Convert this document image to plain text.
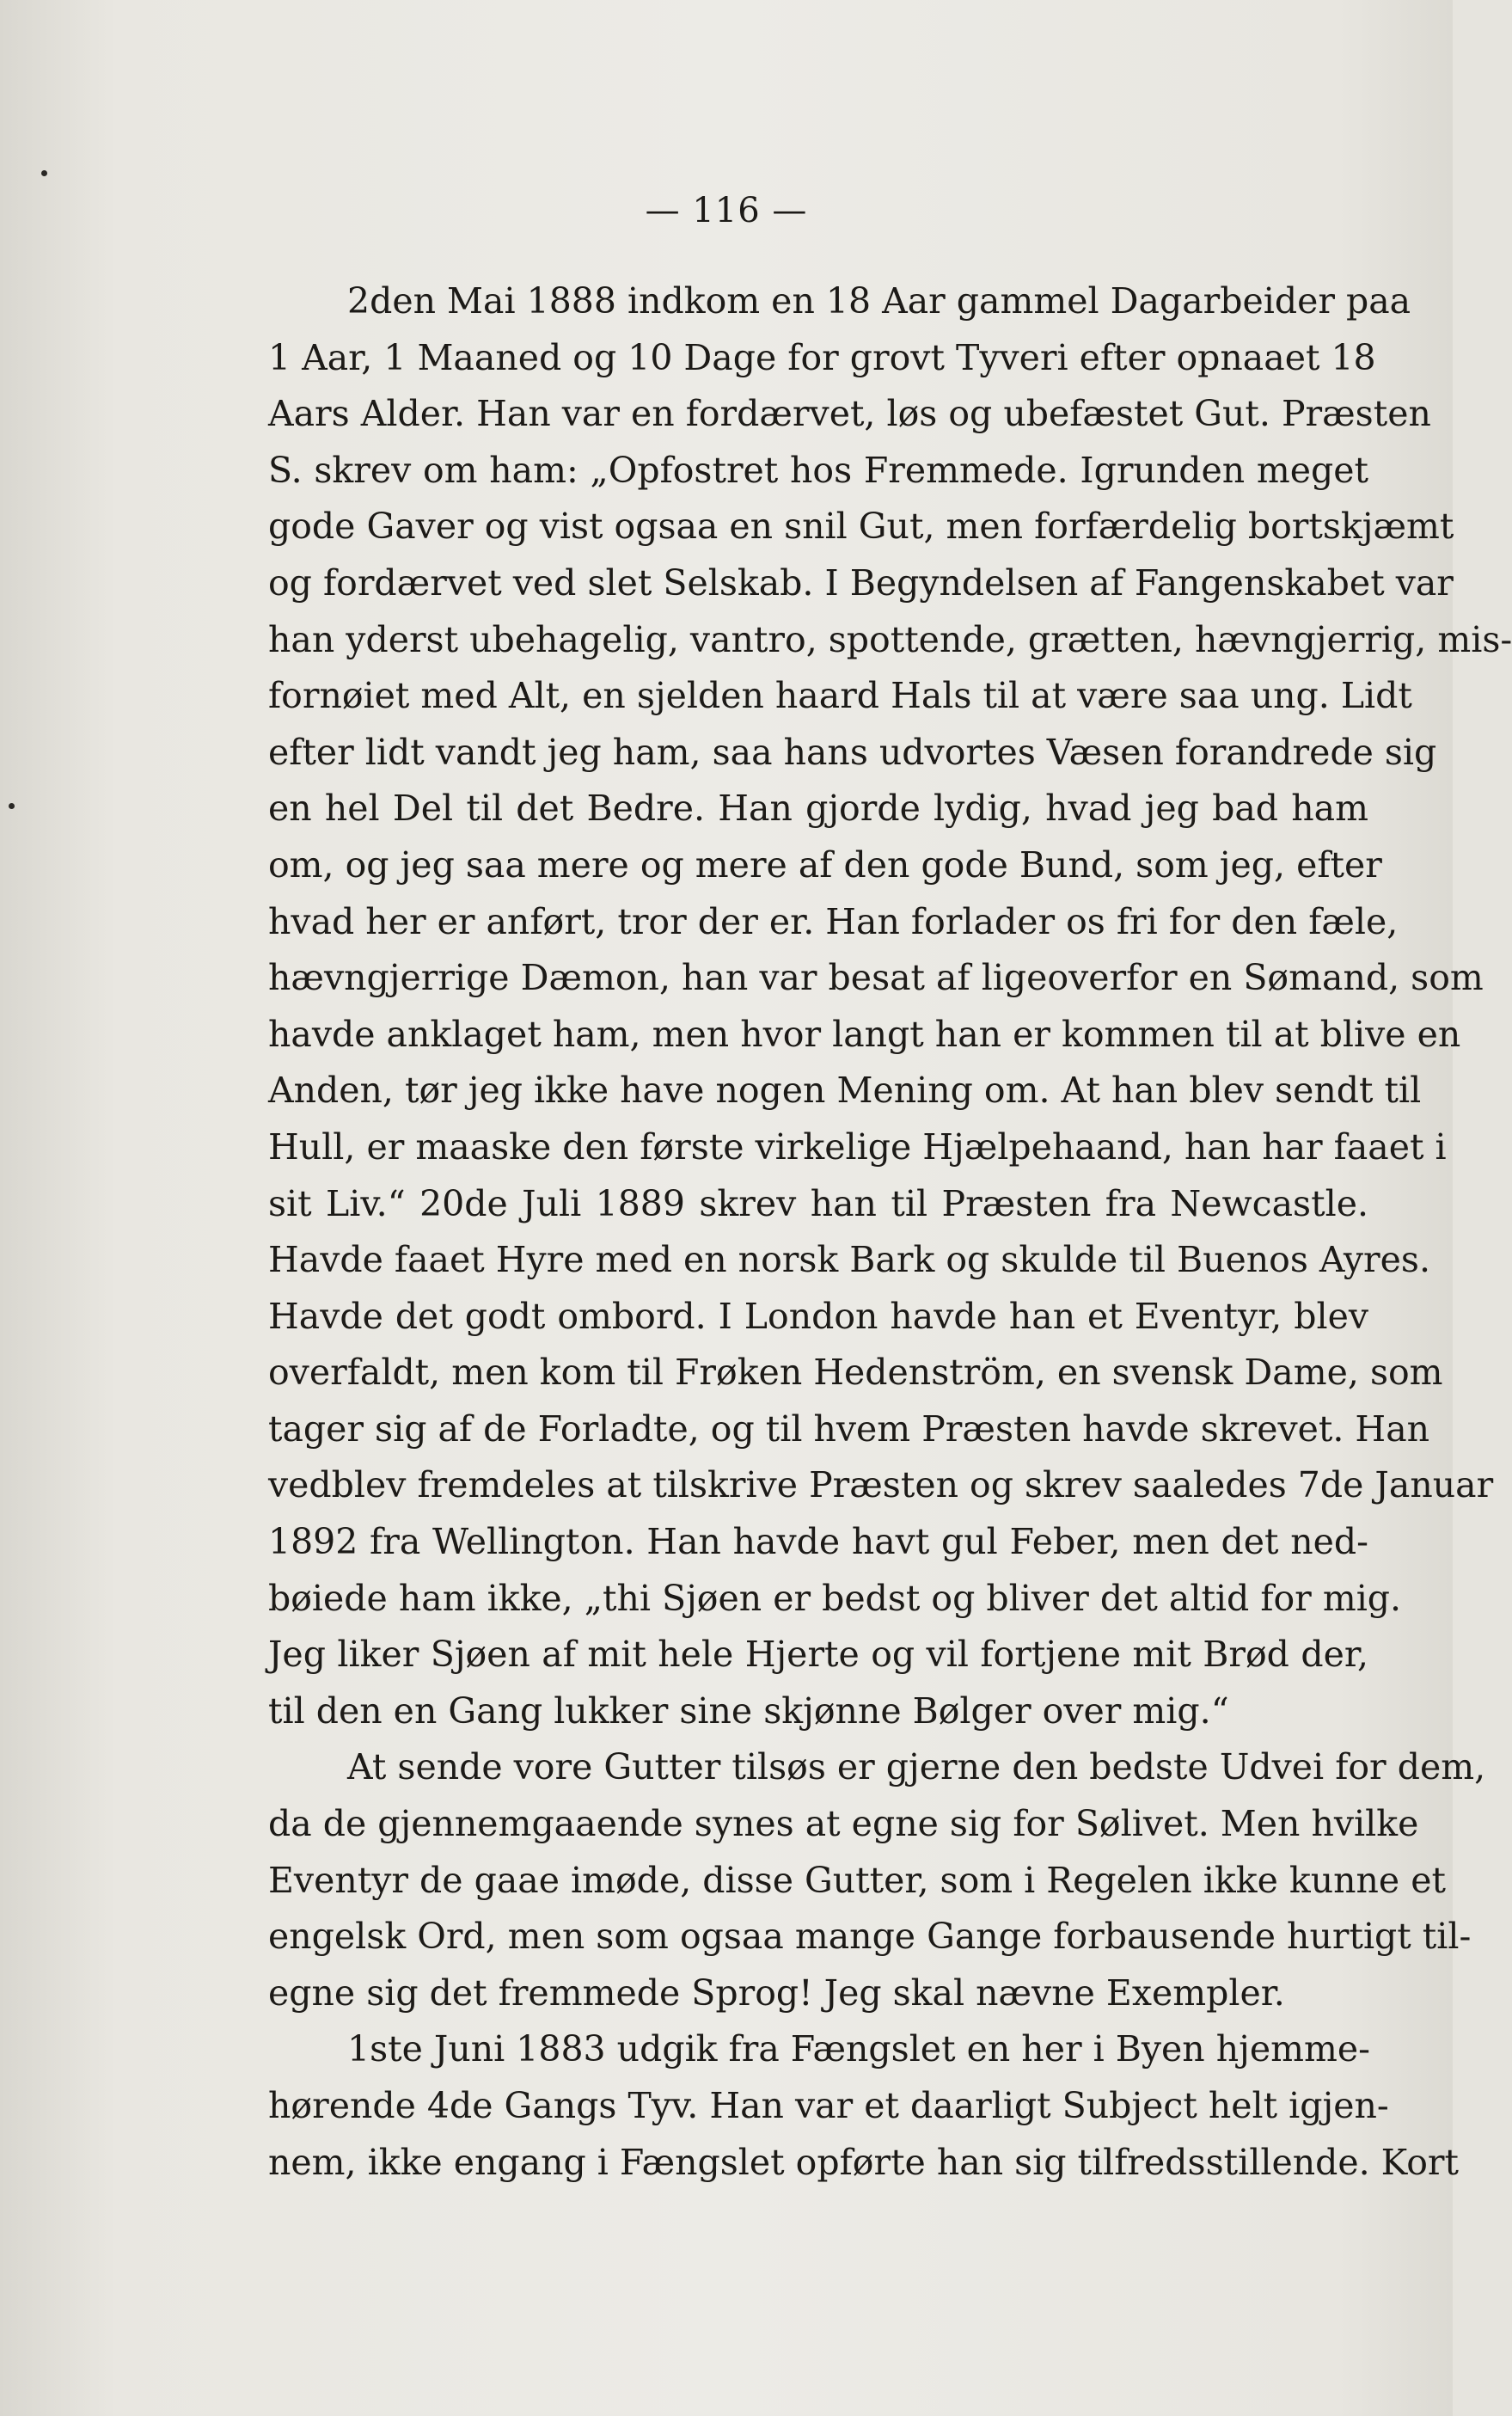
— 116 —
2den Mai 1888 indkom en 18 Aar gammel Dagarbeider paa
1 Aar, 1 Maaned og 10 Dage for grovt Tyveri efter opnaaet 18
Aars Alder. Han var en fordærvet, løs og ubefæstet Gut. Præsten
S. skrev om ham: „Opfostret hos Fremmede. Igrunden meget
gode Gaver og vist ogsaa en snil Gut, men forfærdelig bortskjæmt
og fordærvet ved slet Selskab. I Begyndelsen af Fangenskabet var
han yderst ubehagelig, vantro, spottende, grætten, hævngjerrig, mis-
fornøiet med Alt, en sjelden haard Hals til at være saa ung. Lidt
efter lidt vandt jeg ham, saa hans udvortes Væsen forandrede sig
en hel Del til det Bedre. Han gjorde lydig, hvad jeg bad ham
om, og jeg saa mere og mere af den gode Bund, som jeg, efter
hvad her er anført, tror der er. Han forlader os fri for den fæle,
hævngjerrige Dæmon, han var besat af ligeoverfor en Sømand, som
havde anklaget ham, men hvor langt han er kommen til at blive en
Anden, tør jeg ikke have nogen Mening om. At han blev sendt til
Hull, er maaske den første virkelige Hjælpehaand, han har faaet i
sit Liv.“ 20de Juli 1889 skrev han til Præsten fra Newcastle.
Havde faaet Hyre med en norsk Bark og skulde til Buenos Ayres.
Havde det godt ombord. I London havde han et Eventyr, blev
overfaldt, men kom til Frøken Hedenström, en svensk Dame, som
tager sig af de Forladte, og til hvem Præsten havde skrevet. Han
vedblev fremdeles at tilskrive Præsten og skrev saaledes 7de Januar
1892 fra Wellington. Han havde havt gul Feber, men det ned-
bøiede ham ikke, „thi Sjøen er bedst og bliver det altid for mig.
Jeg liker Sjøen af mit hele Hjerte og vil fortjene mit Brød der,
til den en Gang lukker sine skjønne Bølger over mig.“
At sende vore Gutter tilsøs er gjerne den bedste Udvei for dem,
da de gjennemgaaende synes at egne sig for Sølivet. Men hvilke
Eventyr de gaae imøde, disse Gutter, som i Regelen ikke kunne et
engelsk Ord, men som ogsaa mange Gange forbausende hurtigt til-
egne sig det fremmede Sprog! Jeg skal nævne Exempler.
1ste Juni 1883 udgik fra Fængslet en her i Byen hjemme-
hørende 4de Gangs Tyv. Han var et daarligt Subject helt igjen-
nem, ikke engang i Fængslet opførte han sig tilfredsstillende. Kort
